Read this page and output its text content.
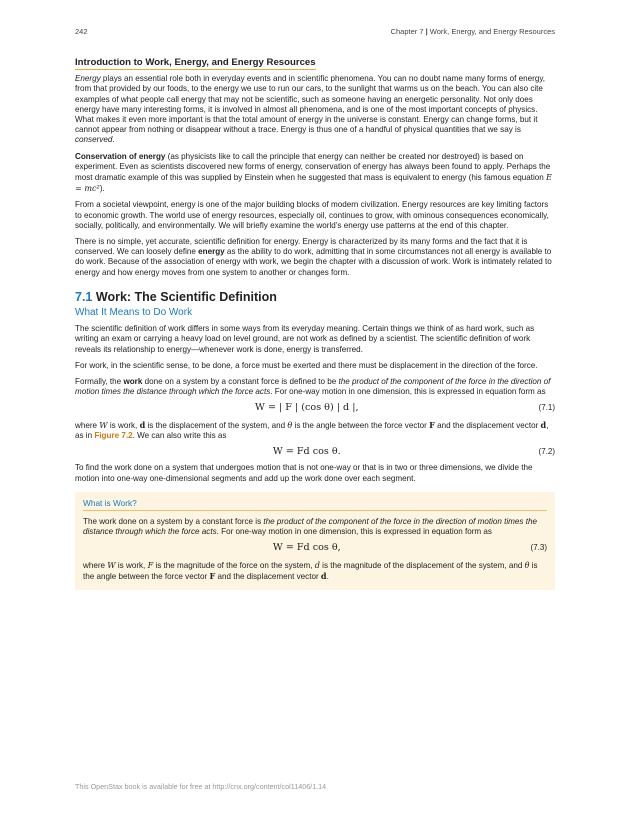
242	Chapter 7 | Work, Energy, and Energy Resources
Introduction to Work, Energy, and Energy Resources

Energy plays an essential role both in everyday events and in scientific phenomena. You can no doubt name many forms of energy, from that provided by our foods, to the energy we use to run our cars, to the sunlight that warms us on the beach. You can also cite examples of what people call energy that may not be scientific, such as someone having an energetic personality. Not only does energy have many interesting forms, it is involved in almost all phenomena, and is one of the most important concepts of physics. What makes it even more important is that the total amount of energy in the universe is constant. Energy can change forms, but it cannot appear from nothing or disappear without a trace. Energy is thus one of a handful of physical quantities that we say is conserved.

Conservation of energy (as physicists like to call the principle that energy can neither be created nor destroyed) is based on experiment. Even as scientists discovered new forms of energy, conservation of energy has always been found to apply. Perhaps the most dramatic example of this was supplied by Einstein when he suggested that mass is equivalent to energy (his famous equation E = mc²).

From a societal viewpoint, energy is one of the major building blocks of modern civilization. Energy resources are key limiting factors to economic growth. The world use of energy resources, especially oil, continues to grow, with ominous consequences economically, socially, politically, and environmentally. We will briefly examine the world’s energy use patterns at the end of this chapter.

There is no simple, yet accurate, scientific definition for energy. Energy is characterized by its many forms and the fact that it is conserved. We can loosely define energy as the ability to do work, admitting that in some circumstances not all energy is available to do work. Because of the association of energy with work, we begin the chapter with a discussion of work. Work is intimately related to energy and how energy moves from one system to another or changes form.

7.1 Work: The Scientific Definition
What It Means to Do Work

The scientific definition of work differs in some ways from its everyday meaning. Certain things we think of as hard work, such as writing an exam or carrying a heavy load on level ground, are not work as defined by a scientist. The scientific definition of work reveals its relationship to energy—whenever work is done, energy is transferred.

For work, in the scientific sense, to be done, a force must be exerted and there must be displacement in the direction of the force.

Formally, the work done on a system by a constant force is defined to be the product of the component of the force in the direction of motion times the distance through which the force acts. For one-way motion in one dimension, this is expressed in equation form as

W = | F | (cos θ) | d |,	(7.1)

where W is work, d is the displacement of the system, and θ is the angle between the force vector F and the displacement vector d, as in Figure 7.2. We can also write this as

W = Fd cos θ.	(7.2)

To find the work done on a system that undergoes motion that is not one-way or that is in two or three dimensions, we divide the motion into one-way one-dimensional segments and add up the work done over each segment.

What is Work?

The work done on a system by a constant force is the product of the component of the force in the direction of motion times the distance through which the force acts. For one-way motion in one dimension, this is expressed in equation form as

W = Fd cos θ,	(7.3)

where W is work, F is the magnitude of the force on the system, d is the magnitude of the displacement of the system, and θ is the angle between the force vector F and the displacement vector d.

This OpenStax book is available for free at http://cnx.org/content/col11406/1.14
